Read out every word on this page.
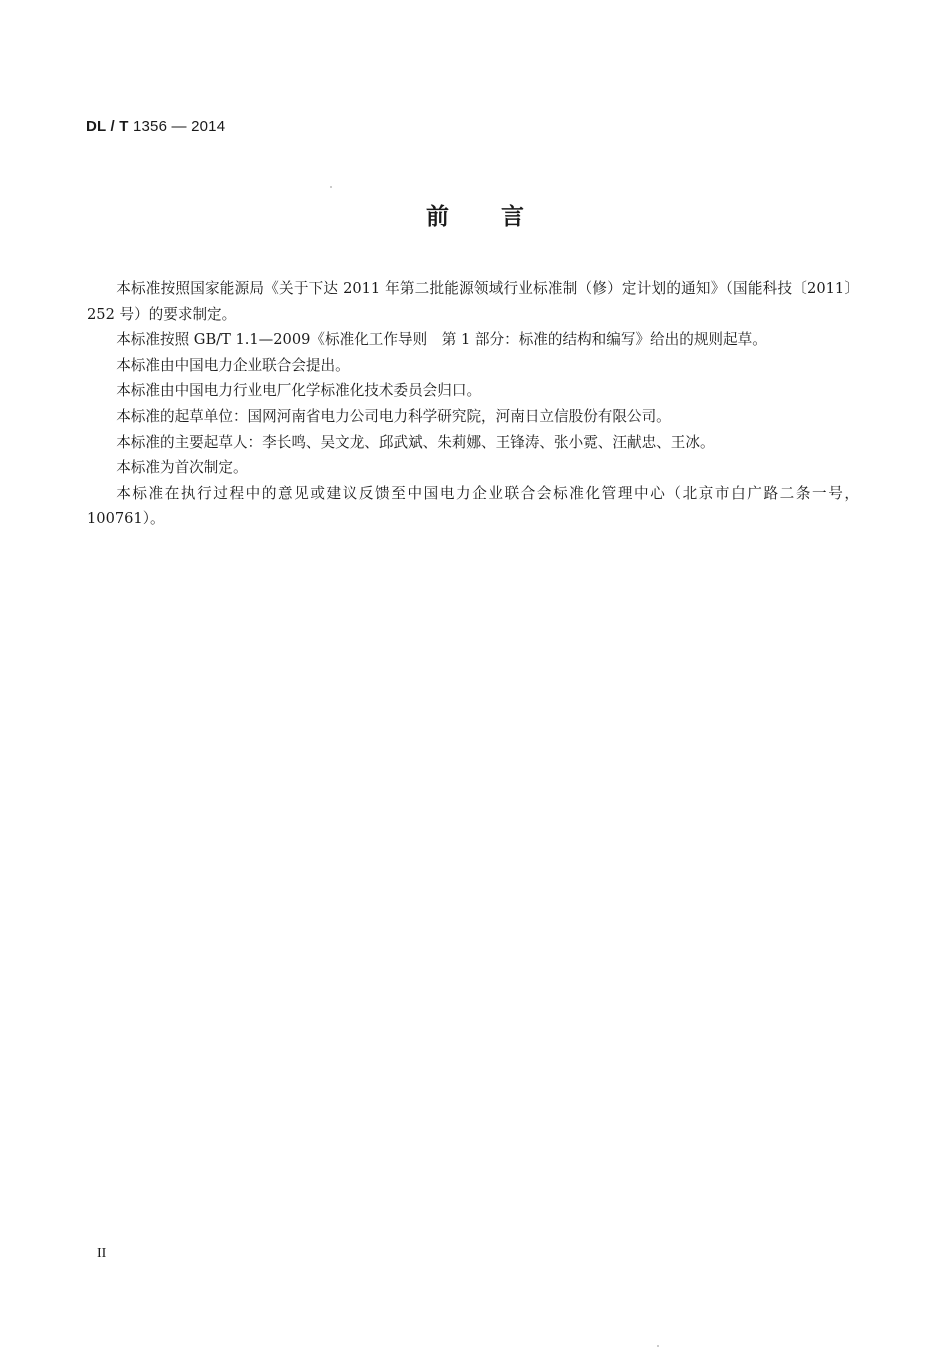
DL / T 1356 — 2014
前言

本标准按照国家能源局《关于下达 2011 年第二批能源领域行业标准制（修）定计划的通知》（国能科技〔2011〕252 号）的要求制定。

本标准按照 GB/T 1.1—2009《标准化工作导则　第 1 部分：标准的结构和编写》给出的规则起草。

本标准由中国电力企业联合会提出。

本标准由中国电力行业电厂化学标准化技术委员会归口。

本标准的起草单位：国网河南省电力公司电力科学研究院，河南日立信股份有限公司。

本标准的主要起草人：李长鸣、吴文龙、邱武斌、朱莉娜、王锋涛、张小霓、汪献忠、王冰。

本标准为首次制定。

本标准在执行过程中的意见或建议反馈至中国电力企业联合会标准化管理中心（北京市白广路二条一号，100761）。

II
